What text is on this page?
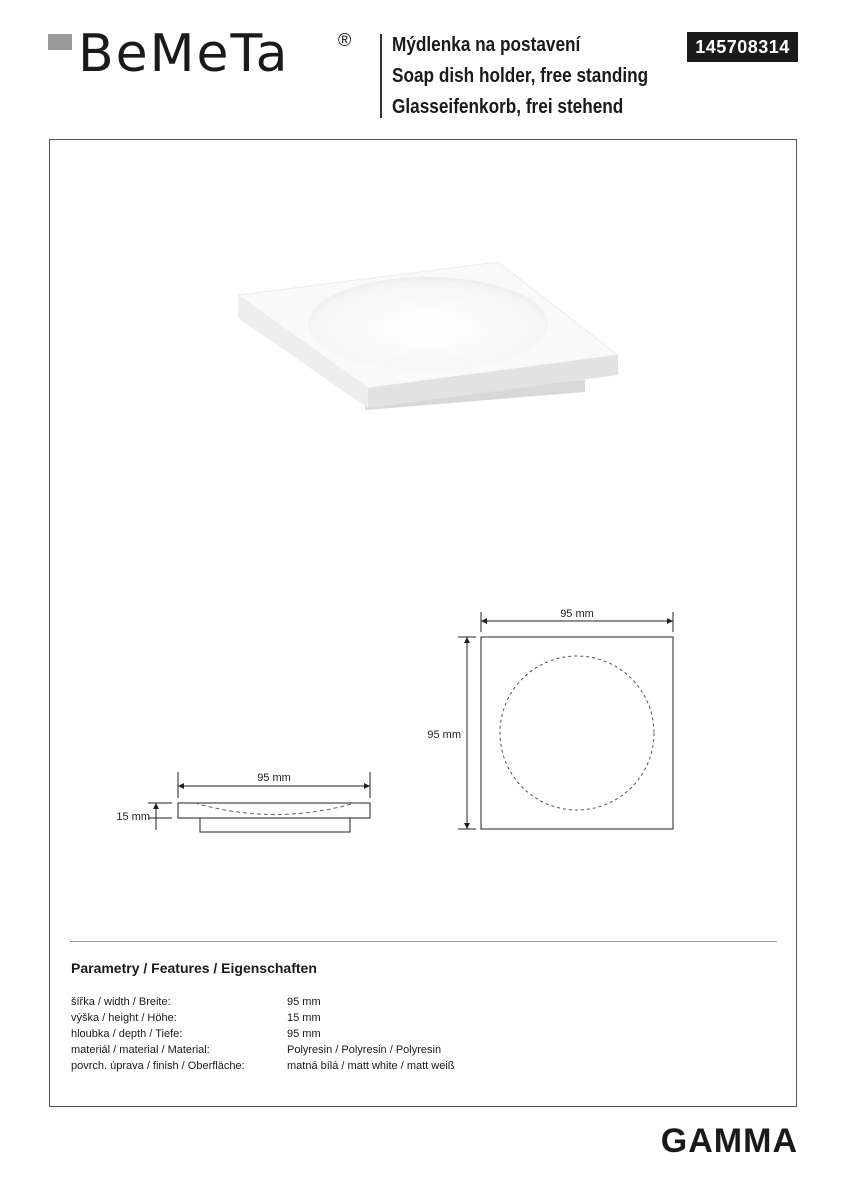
BeMeTa	® Mýdlenka na postavení
Soap dish holder, free standing
Glasseifenkorb, frei stehend
145708314
95 mm
95 mm
95 mm
15 mm
Parametry / Features / Eigenschaften
šířka / width / Breite:	95 mm
výška / height / Höhe:	15 mm
hloubka / depth / Tiefe:	95 mm
materiál / material / Material:	Polyresin / Polyresin / Polyresin
povrch. úprava / finish / Oberfläche:	matná bílá / matt white / matt weiß
GAMMA
